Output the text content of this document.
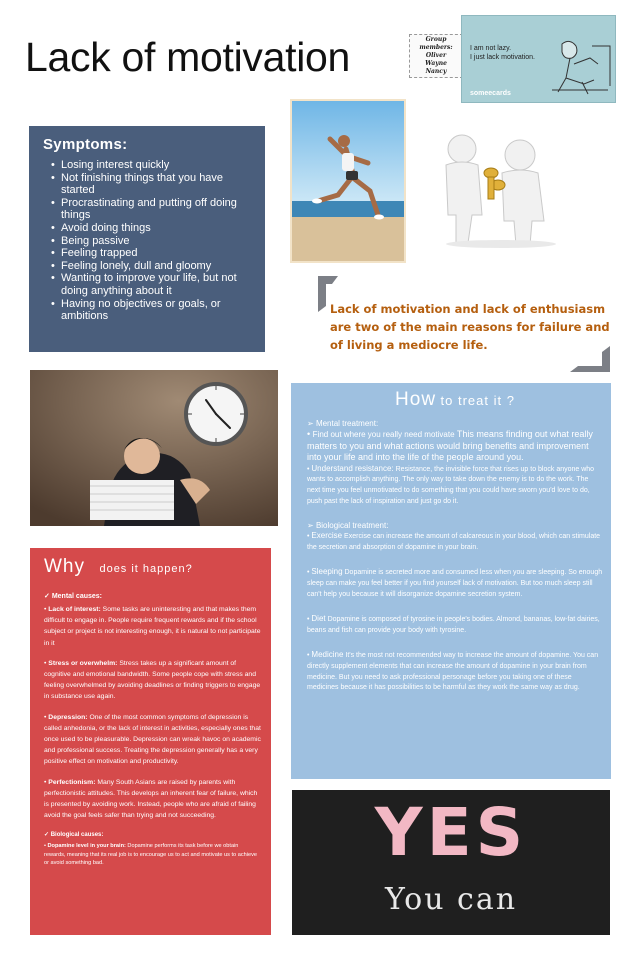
Lack of motivation	Group members:
Oliver
Wayne
Nancy
I am not lazy.
I just lack motivation.
someecards
Symptoms:
• Losing interest quickly
• Not finishing things that you have started
• Procrastinating and putting off doing things
• Avoid doing things
• Being passive
• Feeling trapped
• Feeling lonely, dull and gloomy
• Wanting to improve your life, but not doing anything about it
• Having no objectives or goals, or ambitions
Lack of motivation and lack of enthusiasm are two of the main reasons for failure and of living a mediocre life.
How to treat it ?
➢ Mental treatment:
• Find out where you really need motivate This means finding out what really matters to you and what actions would bring benefits and improvement into your life and into the life of the people around you.
• Understand resistance: Resistance, the invisible force that rises up to block anyone who wants to accomplish anything. The only way to take down the enemy is to do the work. The next time you feel unmotivated to do something that you could have sworn you'd love to do, push past the lack of inspiration and just go do it.
➢ Biological treatment:
• Exercise Exercise can increase the amount of calcareous in your blood, which can stimulate the secretion and absorption of dopamine in your brain.
• Sleeping Dopamine is secreted more and consumed less when you are sleeping. So enough sleep can make you feel better if you find yourself lack of motivation. But too much sleep still can't help you because it will disorganize dopamine secretion system.
• Diet Dopamine is composed of tyrosine in people's bodies. Almond, bananas, low-fat dairies, beans and fish can provide your body with tyrosine.
• Medicine It's the most not recommended way to increase the amount of dopamine. You can directly supplement elements that can increase the amount of dopamine in your brain from medicine. But you need to ask professional personage before you taking one of these medicines because it has possibilities to be harmful as they work the same way as drug.
Why does it happen?
✓ Mental causes:
• Lack of interest: Some tasks are uninteresting and that makes them difficult to engage in. People require frequent rewards and if the school subject or project is not interesting enough, it is natural to not participate in it
• Stress or overwhelm: Stress takes up a significant amount of cognitive and emotional bandwidth. Some people cope with stress and feeling overwhelmed by avoiding deadlines or finding triggers to engage in substance use again.
• Depression: One of the most common symptoms of depression is called anhedonia, or the lack of interest in activities, especially ones that once used to be pleasurable. Depression can wreak havoc on academic and professional success. Treating the depression generally has a very positive effect on motivation and productivity.
• Perfectionism: Many South Asians are raised by parents with perfectionistic attitudes. This develops an inherent fear of failure, which is presented by avoiding work. Instead, people who are afraid of failing avoid the goal feels safer than trying and not succeeding.
✓ Biological causes:
• Dopamine level in your brain: Dopamine performs its task before we obtain rewards, meaning that its real job is to encourage us to act and motivate us to achieve or avoid something bad.	YES
You can
